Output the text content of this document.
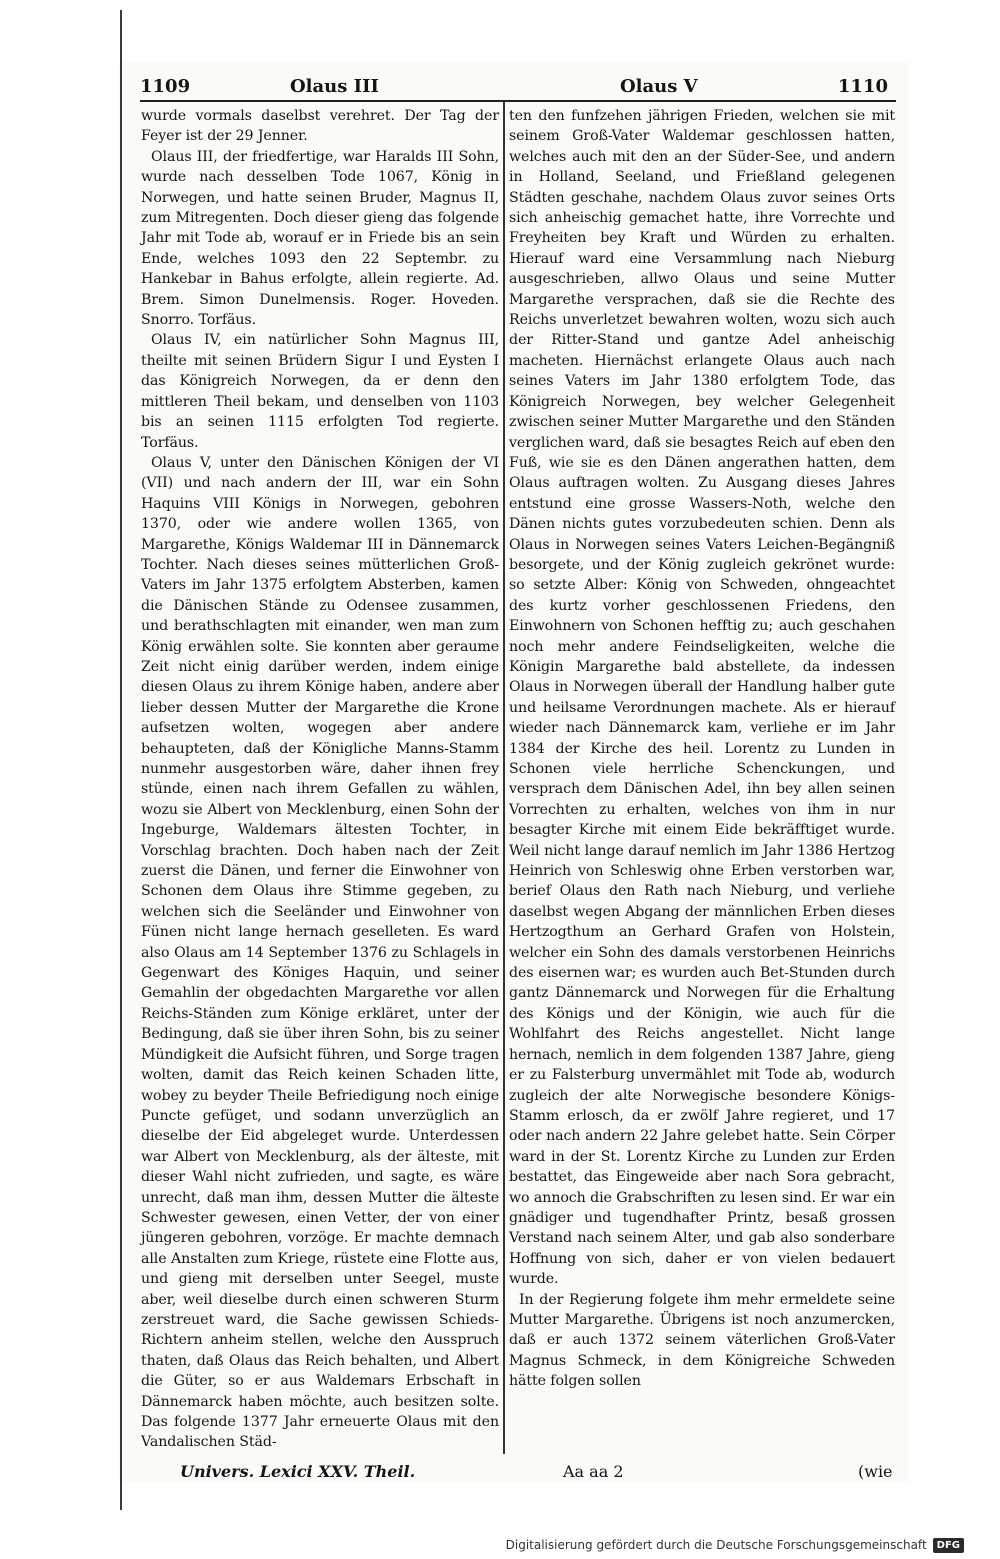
1109	Olaus III	Olaus V	1110

wurde vormals daselbst verehret. Der Tag der Feyer ist der 29 Jenner.

Olaus III, der friedfertige, war Haralds III Sohn, wurde nach desselben Tode 1067, König in Norwegen, und hatte seinen Bruder, Magnus II, zum Mitregenten. Doch dieser gieng das folgende Jahr mit Tode ab, worauf er in Friede bis an sein Ende, welches 1093 den 22 Septembr. zu Hankebar in Bahus erfolgte, allein regierte. Ad. Brem. Simon Dunelmensis. Roger. Hoveden. Snorro. Torfäus.

Olaus IV, ein natürlicher Sohn Magnus III, theilte mit seinen Brüdern Sigur I und Eysten I das Königreich Norwegen, da er denn den mittleren Theil bekam, und denselben von 1103 bis an seinen 1115 erfolgten Tod regierte. Torfäus.

Olaus V, unter den Dänischen Königen der VI (VII) und nach andern der III, war ein Sohn Haquins VIII Königs in Norwegen, gebohren 1370, oder wie andere wollen 1365, von Margarethe, Königs Waldemar III in Dännemarck Tochter. Nach dieses seines mütterlichen Groß-Vaters im Jahr 1375 erfolgtem Absterben, kamen die Dänischen Stände zu Odensee zusammen, und berathschlagten mit einander, wen man zum König erwählen solte. Sie konnten aber geraume Zeit nicht einig darüber werden, indem einige diesen Olaus zu ihrem Könige haben, andere aber lieber dessen Mutter der Margarethe die Krone aufsetzen wolten, wogegen aber andere behaupteten, daß der Königliche Manns-Stamm nunmehr ausgestorben wäre, daher ihnen frey stünde, einen nach ihrem Gefallen zu wählen, wozu sie Albert von Mecklenburg, einen Sohn der Ingeburge, Waldemars ältesten Tochter, in Vorschlag brachten. Doch haben nach der Zeit zuerst die Dänen, und ferner die Einwohner von Schonen dem Olaus ihre Stimme gegeben, zu welchen sich die Seeländer und Einwohner von Fünen nicht lange hernach geselleten. Es ward also Olaus am 14 September 1376 zu Schlagels in Gegenwart des Königes Haquin, und seiner Gemahlin der obgedachten Margarethe vor allen Reichs-Ständen zum Könige erkläret, unter der Bedingung, daß sie über ihren Sohn, bis zu seiner Mündigkeit die Aufsicht führen, und Sorge tragen wolten, damit das Reich keinen Schaden litte, wobey zu beyder Theile Befriedigung noch einige Puncte gefüget, und sodann unverzüglich an dieselbe der Eid abgeleget wurde. Unterdessen war Albert von Mecklenburg, als der älteste, mit dieser Wahl nicht zufrieden, und sagte, es wäre unrecht, daß man ihm, dessen Mutter die älteste Schwester gewesen, einen Vetter, der von einer jüngeren gebohren, vorzöge. Er machte demnach alle Anstalten zum Kriege, rüstete eine Flotte aus, und gieng mit derselben unter Seegel, muste aber, weil dieselbe durch einen schweren Sturm zerstreuet ward, die Sache gewissen Schieds-Richtern anheim stellen, welche den Ausspruch thaten, daß Olaus das Reich behalten, und Albert die Güter, so er aus Waldemars Erbschaft in Dännemarck haben möchte, auch besitzen solte. Das folgende 1377 Jahr erneuerte Olaus mit den Vandalischen Städ-

ten den funfzehen jährigen Frieden, welchen sie mit seinem Groß-Vater Waldemar geschlossen hatten, welches auch mit den an der Süder-See, und andern in Holland, Seeland, und Frießland gelegenen Städten geschahe, nachdem Olaus zuvor seines Orts sich anheischig gemachet hatte, ihre Vorrechte und Freyheiten bey Kraft und Würden zu erhalten. Hierauf ward eine Versammlung nach Nieburg ausgeschrieben, allwo Olaus und seine Mutter Margarethe versprachen, daß sie die Rechte des Reichs unverletzet bewahren wolten, wozu sich auch der Ritter-Stand und gantze Adel anheischig macheten. Hiernächst erlangete Olaus auch nach seines Vaters im Jahr 1380 erfolgtem Tode, das Königreich Norwegen, bey welcher Gelegenheit zwischen seiner Mutter Margarethe und den Ständen verglichen ward, daß sie besagtes Reich auf eben den Fuß, wie sie es den Dänen angerathen hatten, dem Olaus auftragen wolten. Zu Ausgang dieses Jahres entstund eine grosse Wassers-Noth, welche den Dänen nichts gutes vorzubedeuten schien. Denn als Olaus in Norwegen seines Vaters Leichen-Begängniß besorgete, und der König zugleich gekrönet wurde: so setzte Alber: König von Schweden, ohngeachtet des kurtz vorher geschlossenen Friedens, den Einwohnern von Schonen hefftig zu; auch geschahen noch mehr andere Feindseligkeiten, welche die Königin Margarethe bald abstellete, da indessen Olaus in Norwegen überall der Handlung halber gute und heilsame Verordnungen machete. Als er hierauf wieder nach Dännemarck kam, verliehe er im Jahr 1384 der Kirche des heil. Lorentz zu Lunden in Schonen viele herrliche Schenckungen, und versprach dem Dänischen Adel, ihn bey allen seinen Vorrechten zu erhalten, welches von ihm in nur besagter Kirche mit einem Eide bekräfftiget wurde. Weil nicht lange darauf nemlich im Jahr 1386 Hertzog Heinrich von Schleswig ohne Erben verstorben war, berief Olaus den Rath nach Nieburg, und verliehe daselbst wegen Abgang der männlichen Erben dieses Hertzogthum an Gerhard Grafen von Holstein, welcher ein Sohn des damals verstorbenen Heinrichs des eisernen war; es wurden auch Bet-Stunden durch gantz Dännemarck und Norwegen für die Erhaltung des Königs und der Königin, wie auch für die Wohlfahrt des Reichs angestellet. Nicht lange hernach, nemlich in dem folgenden 1387 Jahre, gieng er zu Falsterburg unvermählet mit Tode ab, wodurch zugleich der alte Norwegische besondere Königs-Stamm erlosch, da er zwölf Jahre regieret, und 17 oder nach andern 22 Jahre gelebet hatte. Sein Cörper ward in der St. Lorentz Kirche zu Lunden zur Erden bestattet, das Eingeweide aber nach Sora gebracht, wo annoch die Grabschriften zu lesen sind. Er war ein gnädiger und tugendhafter Printz, besaß grossen Verstand nach seinem Alter, und gab also sonderbare Hoffnung von sich, daher er von vielen bedauert wurde.

In der Regierung folgete ihm mehr ermeldete seine Mutter Margarethe. Übrigens ist noch anzumercken, daß er auch 1372 seinem väterlichen Groß-Vater Magnus Schmeck, in dem Königreiche Schweden hätte folgen sollen

Univers. Lexici XXV. Theil.	Aa aa 2	(wie
Digitalisierung gefördert durch die Deutsche Forschungsgemeinschaft	DFG
